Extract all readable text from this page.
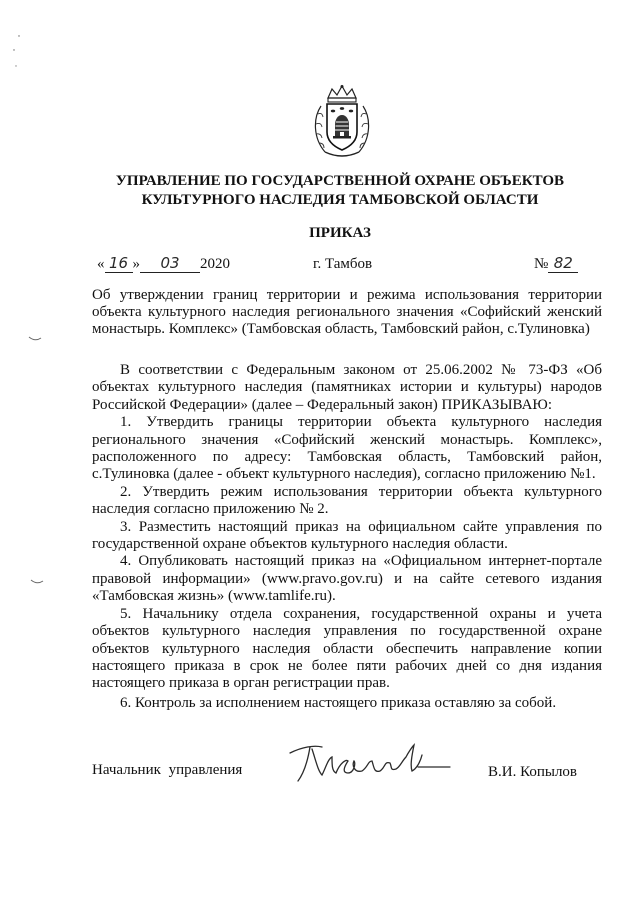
УПРАВЛЕНИЕ ПО ГОСУДАРСТВЕННОЙ ОХРАНЕ ОБЪЕКТОВ
КУЛЬТУРНОГО НАСЛЕДИЯ ТАМБОВСКОЙ ОБЛАСТИ
ПРИКАЗ
« 16 » 03 2020	г. Тамбов	№ 82
Об утверждении границ территории и режима использования территории объекта культурного наследия регионального значения «Софийский женский монастырь. Комплекс» (Тамбовская область, Тамбовский район, с.Тулиновка)

В соответствии с Федеральным законом от 25.06.2002 № 73-ФЗ «Об объектах культурного наследия (памятниках истории и культуры) народов Российской Федерации» (далее – Федеральный закон) ПРИКАЗЫВАЮ:

1. Утвердить границы территории объекта культурного наследия регионального значения «Софийский женский монастырь. Комплекс», расположенного по адресу: Тамбовская область, Тамбовский район, с.Тулиновка (далее - объект культурного наследия), согласно приложению №1.

2. Утвердить режим использования территории объекта культурного наследия согласно приложению № 2.

3. Разместить настоящий приказ на официальном сайте управления по государственной охране объектов культурного наследия области.

4. Опубликовать настоящий приказ на «Официальном интернет-портале правовой информации» (www.pravo.gov.ru) и на сайте сетевого издания «Тамбовская жизнь» (www.tamlife.ru).

5. Начальнику отдела сохранения, государственной охраны и учета объектов культурного наследия управления по государственной охране объектов культурного наследия области обеспечить направление копии настоящего приказа в срок не более пяти рабочих дней со дня издания настоящего приказа в орган регистрации прав.

6. Контроль за исполнением настоящего приказа оставляю за собой.

Начальник управления	В.И. Копылов
